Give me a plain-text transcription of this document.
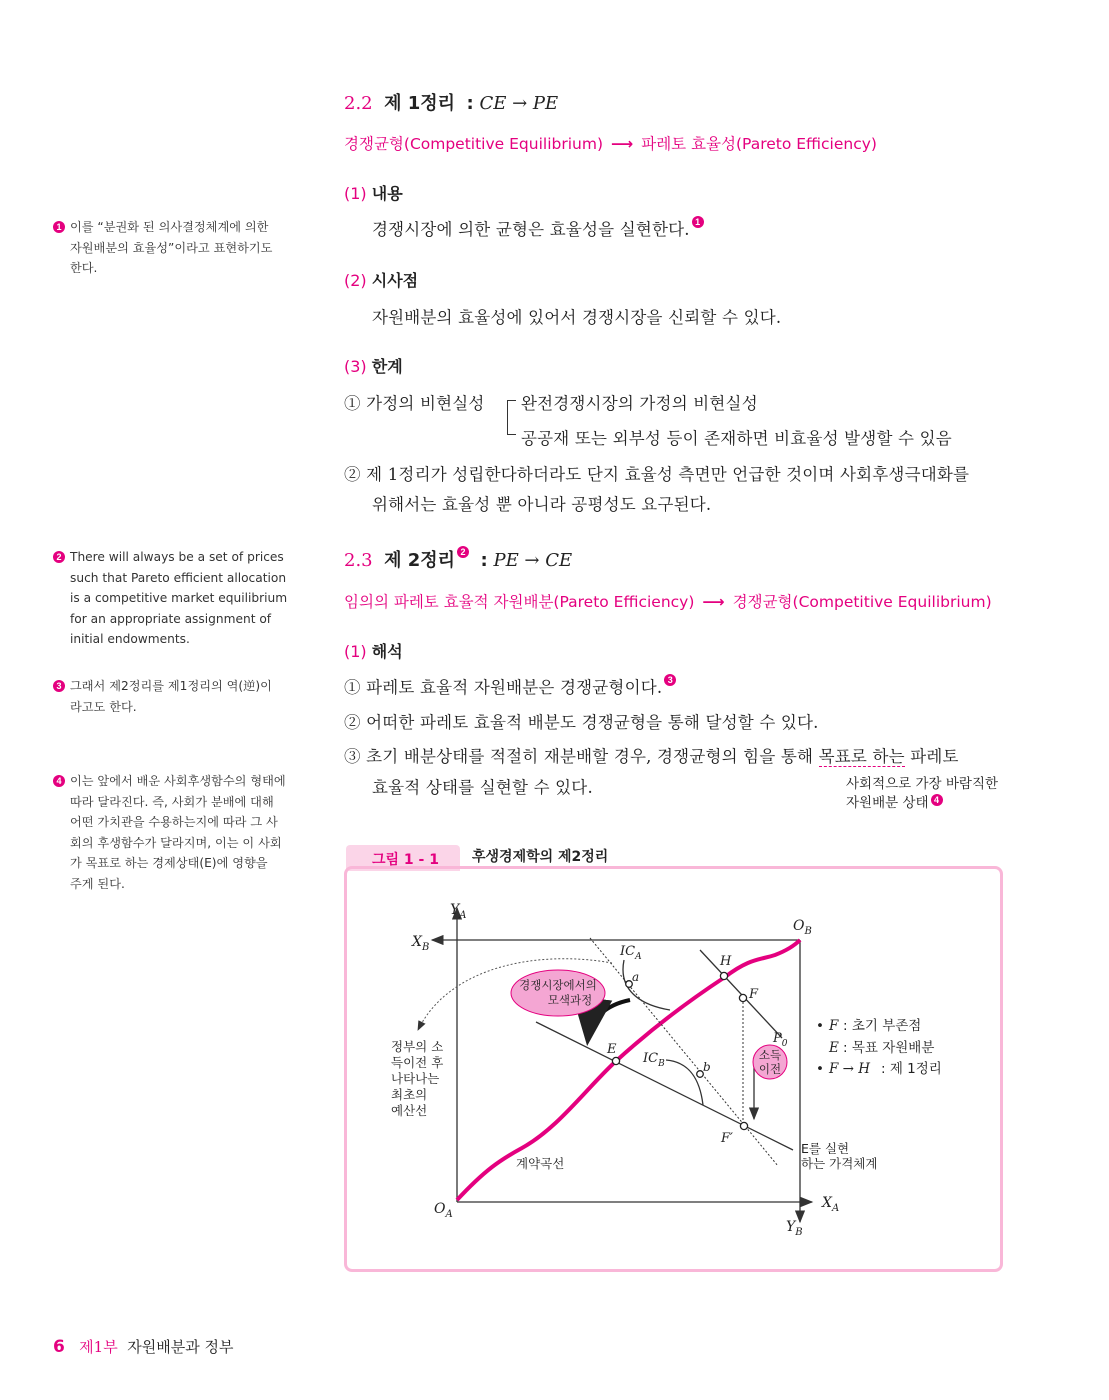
2.2 제 1정리 : CE → PE
경쟁균형(Competitive Equilibrium) ⟶ 파레토 효율성(Pareto Efficiency)
(1) 내용
경쟁시장에 의한 균형은 효율성을 실현한다. 1
(2) 시사점
자원배분의 효율성에 있어서 경쟁시장을 신뢰할 수 있다.
(3) 한계
① 가정의 비현실성 완전경쟁시장의 가정의 비현실성
공공재 또는 외부성 등이 존재하면 비효율성 발생할 수 있음
② 제 1정리가 성립한다하더라도 단지 효율성 측면만 언급한 것이며 사회후생극대화를
위해서는 효율성 뿐 아니라 공평성도 요구된다.
2.3 제 2정리 2 : PE → CE
임의의 파레토 효율적 자원배분(Pareto Efficiency) ⟶ 경쟁균형(Competitive Equilibrium)
(1) 해석
① 파레토 효율적 자원배분은 경쟁균형이다. 3
② 어떠한 파레토 효율적 배분도 경쟁균형을 통해 달성할 수 있다.
③ 초기 배분상태를 적절히 재분배할 경우, 경쟁균형의 힘을 통해 목표로 하는 파레토
효율적 상태를 실현할 수 있다.	사회적으로 가장 바람직한
자원배분 상태 4
1 이를 “분권화 된 의사결정체계에 의한
자원배분의 효율성”이라고 표현하기도
한다.
2 There will always be a set of prices
such that Pareto efficient allocation
is a competitive market equilibrium
for an appropriate assignment of
initial endowments.
3 그래서 제2정리를 제1정리의 역(逆)이
라고도 한다.
4 이는 앞에서 배운 사회후생함수의 형태에
따라 달라진다. 즉, 사회가 분배에 대해
어떤 가치관을 수용하는지에 따라 그 사
회의 후생함수가 달라지며, 이는 이 사회
가 목표로 하는 경제상태(E)에 영향을
주게 된다.
그림 1 - 1 후생경제학의 제2정리
$Y_A$
$X_B$
$O_B$
$O_A$
$X_A$
$Y_B$
$IC_A$
$IC_B$
a
b
H
F
$P_0$
E
F′
경쟁시장에서의
모색과정
소득
이전
정부의 소
득이전 후
나타나는
최초의
예산선
계약곡선
E를 실현
하는 가격체계
• F : 초기 부존점
E : 목표 자원배분
• F → H : 제 1정리
6 제1부 자원배분과 정부
